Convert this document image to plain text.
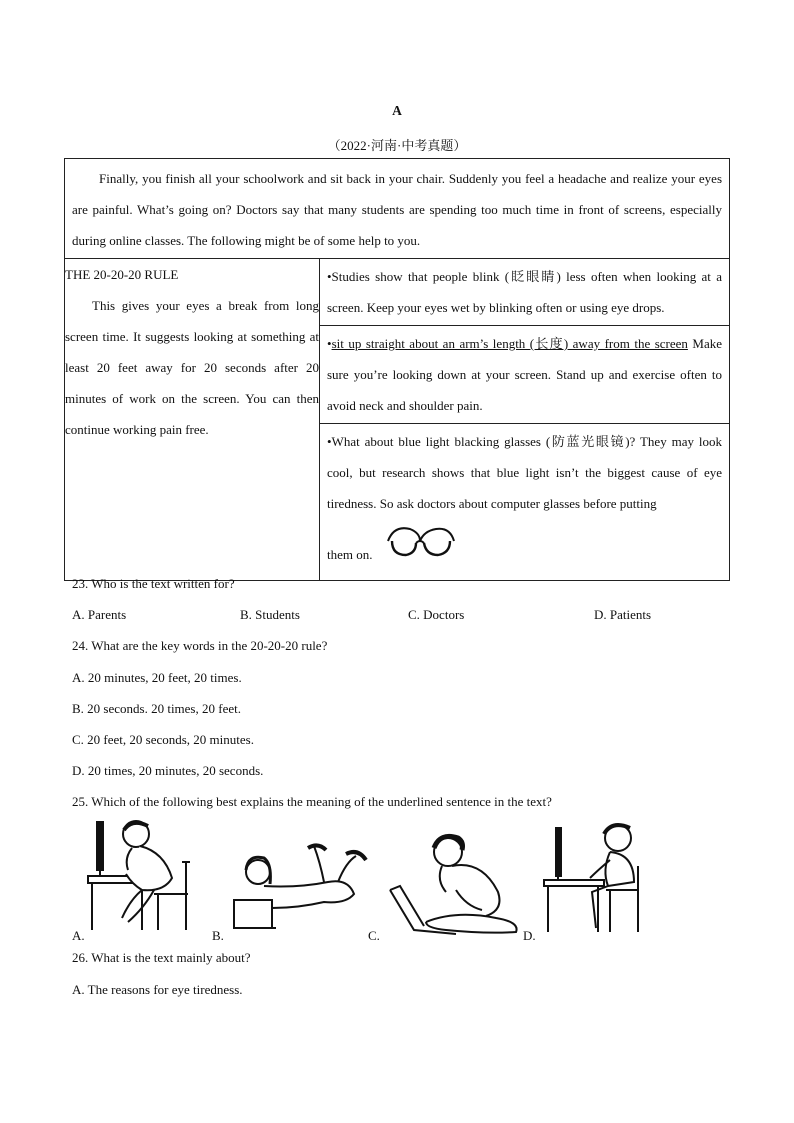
A
（2022·河南·中考真题）
Finally, you finish all your schoolwork and sit back in your chair. Suddenly you feel a headache and realize your eyes are painful. What’s going on? Doctors say that many students are spending too much time in front of screens, especially during online classes. The following might be of some help to you.

THE 20-20-20 RULE
This gives your eyes a break from long screen time. It suggests looking at something at least 20 feet away for 20 seconds after 20 minutes of work on the screen. You can then continue working pain free.	
•Studies show that people blink (眨眼睛) less often when looking at a screen. Keep your eyes wet by blinking often or using eye drops.

•sit up straight about an arm’s length (长度) away from the screen Make sure you’re looking down at your screen. Stand up and exercise often to avoid neck and shoulder pain.

•What about blue light blacking glasses (防蓝光眼镜)? They may look cool, but research shows that blue light isn’t the biggest cause of eye tiredness. So ask doctors about computer glasses before putting
them on.
23. Who is the text written for?
A. Parents	B. Students	C. Doctors	D. Patients
24. What are the key words in the 20-20-20 rule?
A. 20 minutes, 20 feet, 20 times.
B. 20 seconds. 20 times, 20 feet.
C. 20 feet, 20 seconds, 20 minutes.
D. 20 times, 20 minutes, 20 seconds.
25. Which of the following best explains the meaning of the underlined sentence in the text?
A.	B.	C.	D.
26. What is the text mainly about?
A. The reasons for eye tiredness.
